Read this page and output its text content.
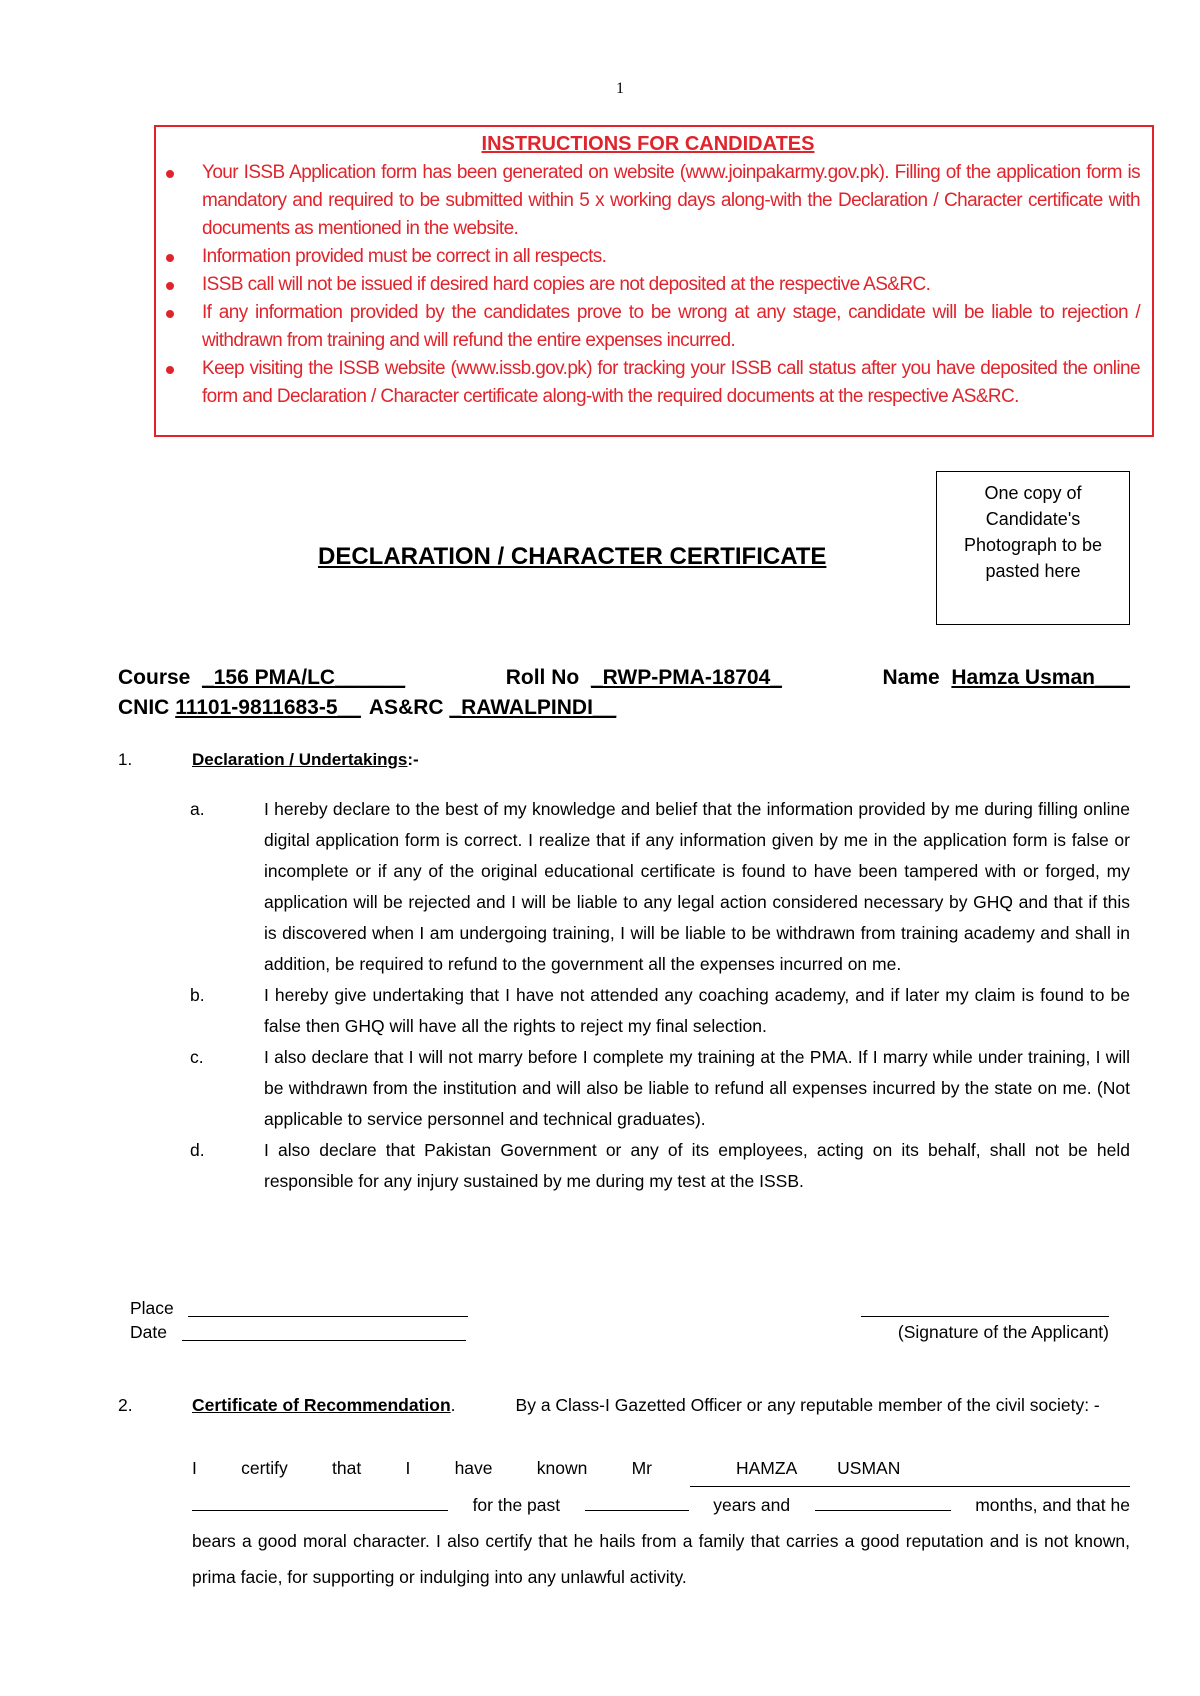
1
INSTRUCTIONS FOR CANDIDATES
Your ISSB Application form has been generated on website (www.joinpakarmy.gov.pk). Filling of the application form is mandatory and required to be submitted within 5 x working days along-with the Declaration / Character certificate with documents as mentioned in the website.
Information provided must be correct in all respects.
ISSB call will not be issued if desired hard copies are not deposited at the respective AS&RC.
If any information provided by the candidates prove to be wrong at any stage, candidate will be liable to rejection / withdrawn from training and will refund the entire expenses incurred.
Keep visiting the ISSB website (www.issb.gov.pk) for tracking your ISSB call status after you have deposited the online form and Declaration / Character certificate along-with the required documents at the respective AS&RC.
One copy of
Candidate's
Photograph to be
pasted here
DECLARATION / CHARACTER CERTIFICATE
Course _156 PMA/LC______	Roll No _RWP-PMA-18704_	Name Hamza Usman___
CNIC 11101-9811683-5__ AS&RC _RAWALPINDI__
1.	Declaration / Undertakings:-
a.	I hereby declare to the best of my knowledge and belief that the information provided by me during filling online digital application form is correct. I realize that if any information given by me in the application form is false or incomplete or if any of the original educational certificate is found to have been tampered with or forged, my application will be rejected and I will be liable to any legal action considered necessary by GHQ and that if this is discovered when I am undergoing training, I will be liable to be withdrawn from training academy and shall in addition, be required to refund to the government all the expenses incurred on me.
b.	I hereby give undertaking that I have not attended any coaching academy, and if later my claim is found to be false then GHQ will have all the rights to reject my final selection.
c.	I also declare that I will not marry before I complete my training at the PMA. If I marry while under training, I will be withdrawn from the institution and will also be liable to refund all expenses incurred by the state on me. (Not applicable to service personnel and technical graduates).
d.	I also declare that Pakistan Government or any of its employees, acting on its behalf, shall not be held responsible for any injury sustained by me during my test at the ISSB.
Place
Date	(Signature of the Applicant)
2.	Certificate of Recommendation.	By a Class-I Gazetted Officer or any reputable member of the civil society: -
I	certify	that	I	have	known	Mr	HAMZA USMAN
for the past	years and	months, and that he

bears a good moral character. I also certify that he hails from a family that carries a good reputation and is not known, prima facie, for supporting or indulging into any unlawful activity.
